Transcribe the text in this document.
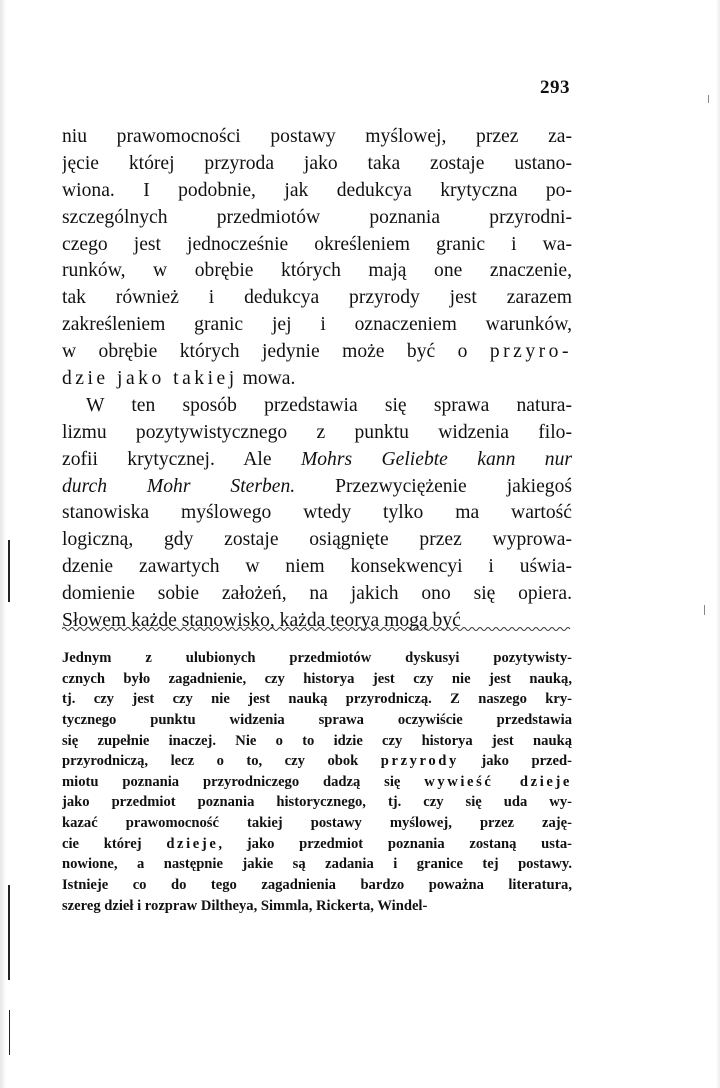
293
niu prawomocności postawy myślowej, przez za-
jęcie której przyroda jako taka zostaje ustano-
wiona. I podobnie, jak dedukcya krytyczna po-
szczególnych przedmiotów poznania przyrodni-
czego jest jednocześnie określeniem granic i wa-
runków, w obrębie których mają one znaczenie,
tak również i dedukcya przyrody jest zarazem
zakreśleniem granic jej i oznaczeniem warunków,
w obrębie których jedynie może być o przyro-
dzie jako takiej mowa.
W ten sposób przedstawia się sprawa natura-
lizmu pozytywistycznego z punktu widzenia filo-
zofii krytycznej. Ale Mohrs Geliebte kann nur
durch Mohr Sterben. Przezwyciężenie jakiegoś
stanowiska myślowego wtedy tylko ma wartość
logiczną, gdy zostaje osiągnięte przez wyprowa-
dzenie zawartych w niem konsekwencyi i uświa-
domienie sobie założeń, na jakich ono się opiera.
Słowem każde stanowisko, każda teorya mogą być
Jednym z ulubionych przedmiotów dyskusyi pozytywisty-
cznych było zagadnienie, czy historya jest czy nie jest nauką,
tj. czy jest czy nie jest nauką przyrodniczą. Z naszego kry-
tycznego punktu widzenia sprawa oczywiście przedstawia
się zupełnie inaczej. Nie o to idzie czy historya jest nauką
przyrodniczą, lecz o to, czy obok przyrody jako przed-
miotu poznania przyrodniczego dadzą się wywieść dzieje
jako przedmiot poznania historycznego, tj. czy się uda wy-
kazać prawomocność takiej postawy myślowej, przez zaję-
cie której dzieje, jako przedmiot poznania zostaną usta-
nowione, a następnie jakie są zadania i granice tej postawy.
Istnieje co do tego zagadnienia bardzo poważna literatura,
szereg dzieł i rozpraw Diltheya, Simmla, Rickerta, Windel-
